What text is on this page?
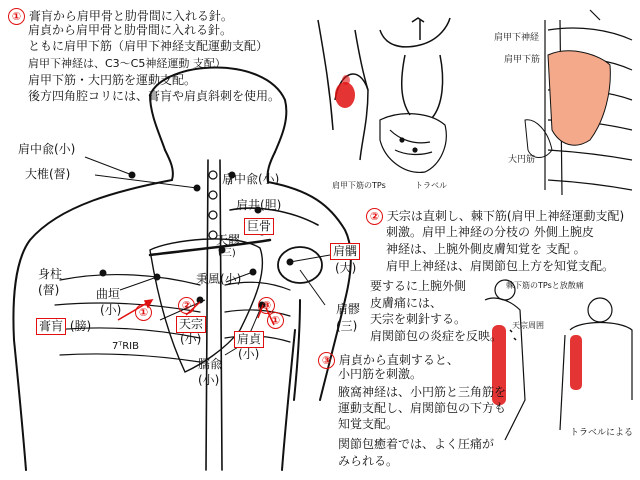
① 膏肓から肩甲骨と肋骨間に入れる針。
肩貞から肩甲骨と肋骨間に入れる針。
ともに肩甲下筋（肩甲下神経支配運動支配）
肩甲下神経は、C3〜C5神経運動 支配）
肩甲下筋・大円筋を運動支配。
後方四角腔コリには、膏肓や肩貞斜刺を使用。
肩中兪(小)
大椎(督)	肩中兪(小)
肩井(胆)
巨骨
天髎
(三)	肩髃
(大)
身柱
(督)	曲垣
(小)
膏肓 (膀)
秉風(小)
天宗
(小)	肩貞
(小)
臑兪
(小)
肩髎
(三)
7ᵀRIB
①
②	③
①
肩甲下神経
肩甲下筋
大円筋
肩甲下筋のTPs	トラベル
棘下筋のTPsと放散痛
天宗周囲
トラベルによる
② 天宗は直刺し、棘下筋(肩甲上神経運動支配)
刺激。肩甲上神経の分枝の 外側上腕皮
神経は、上腕外側皮膚知覚を 支配 。
肩甲上神経は、肩関節包上方を知覚支配。
要するに上腕外側
皮膚痛には、
天宗を刺針する。
肩関節包の炎症を反映。
③ 肩貞から直刺すると、
小円筋を刺激。
腋窩神経は、小円筋と三角筋を
運動支配し、肩関節包の下方も
知覚支配。
関節包癒着では、よく圧痛が
みられる。
